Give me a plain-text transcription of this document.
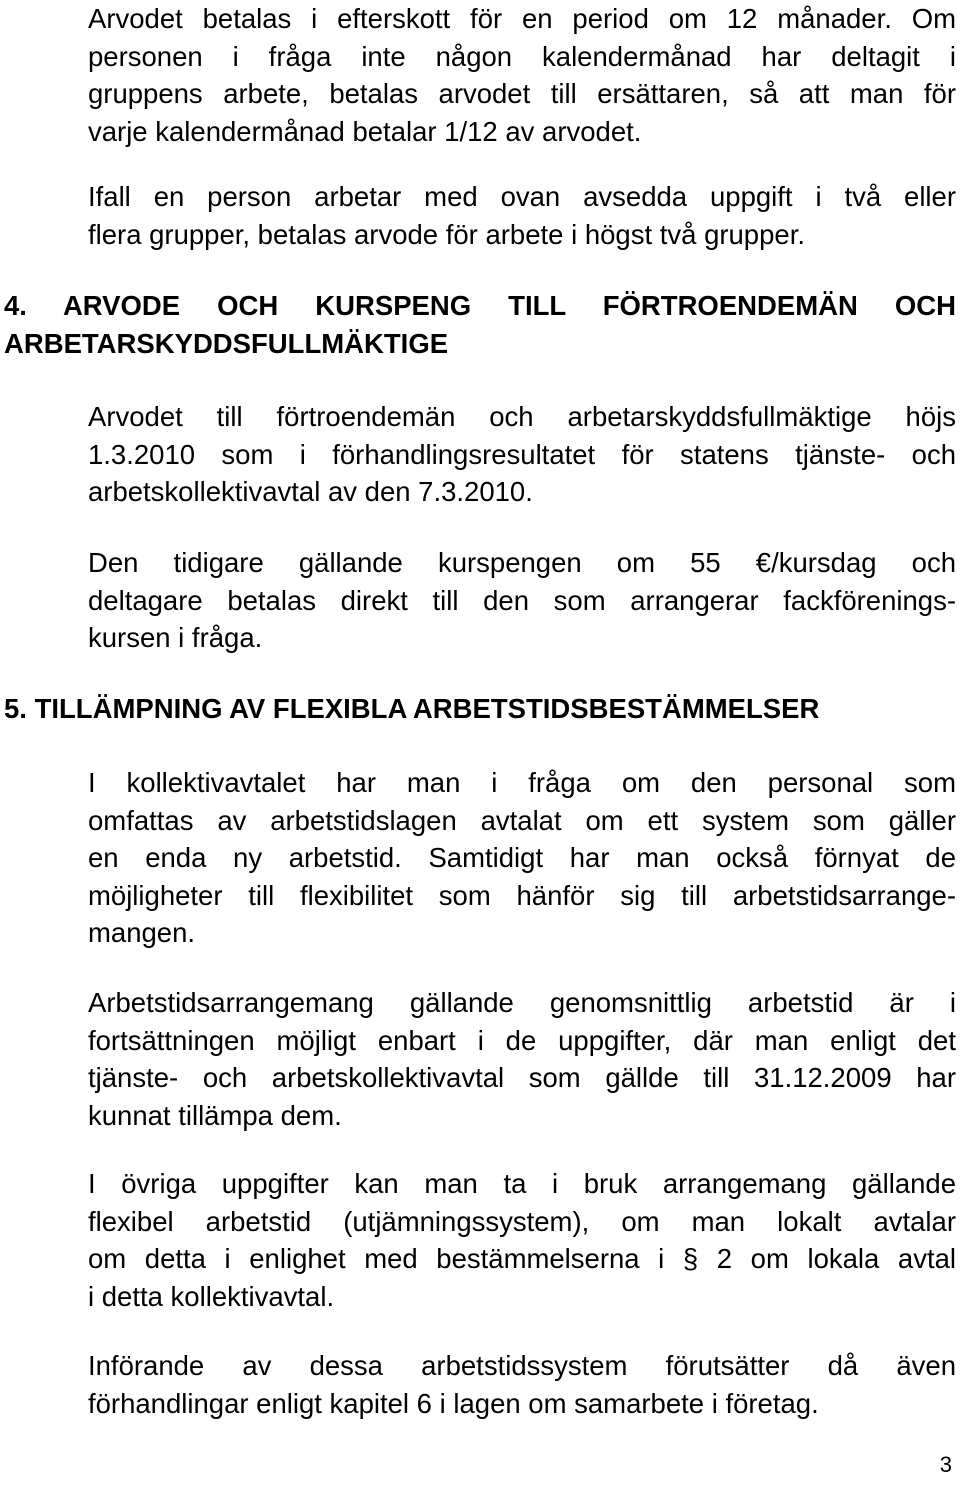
Arvodet betalas i efterskott för en period om 12 månader. Om
personen i fråga inte någon kalendermånad har deltagit i
gruppens arbete, betalas arvodet till ersättaren, så att man för
varje kalendermånad betalar 1/12 av arvodet.

Ifall en person arbetar med ovan avsedda uppgift i två eller
flera grupper, betalas arvode för arbete i högst två grupper.

4. ARVODE OCH KURSPENG TILL FÖRTROENDEMÄN OCH
ARBETARSKYDDSFULLMÄKTIGE

Arvodet till förtroendemän och arbetarskyddsfullmäktige höjs
1.3.2010 som i förhandlingsresultatet för statens tjänste- och
arbetskollektivavtal av den 7.3.2010.

Den tidigare gällande kurspengen om 55 €/kursdag och
deltagare betalas direkt till den som arrangerar fackförenings-
kursen i fråga.

5. TILLÄMPNING AV FLEXIBLA ARBETSTIDSBESTÄMMELSER

I kollektivavtalet har man i fråga om den personal som
omfattas av arbetstidslagen avtalat om ett system som gäller
en enda ny arbetstid. Samtidigt har man också förnyat de
möjligheter till flexibilitet som hänför sig till arbetstidsarrange-
mangen.

Arbetstidsarrangemang gällande genomsnittlig arbetstid är i
fortsättningen möjligt enbart i de uppgifter, där man enligt det
tjänste- och arbetskollektivavtal som gällde till 31.12.2009 har
kunnat tillämpa dem.

I övriga uppgifter kan man ta i bruk arrangemang gällande
flexibel arbetstid (utjämningssystem), om man lokalt avtalar
om detta i enlighet med bestämmelserna i § 2 om lokala avtal
i detta kollektivavtal.

Införande av dessa arbetstidssystem förutsätter då även
förhandlingar enligt kapitel 6 i lagen om samarbete i företag.

3
